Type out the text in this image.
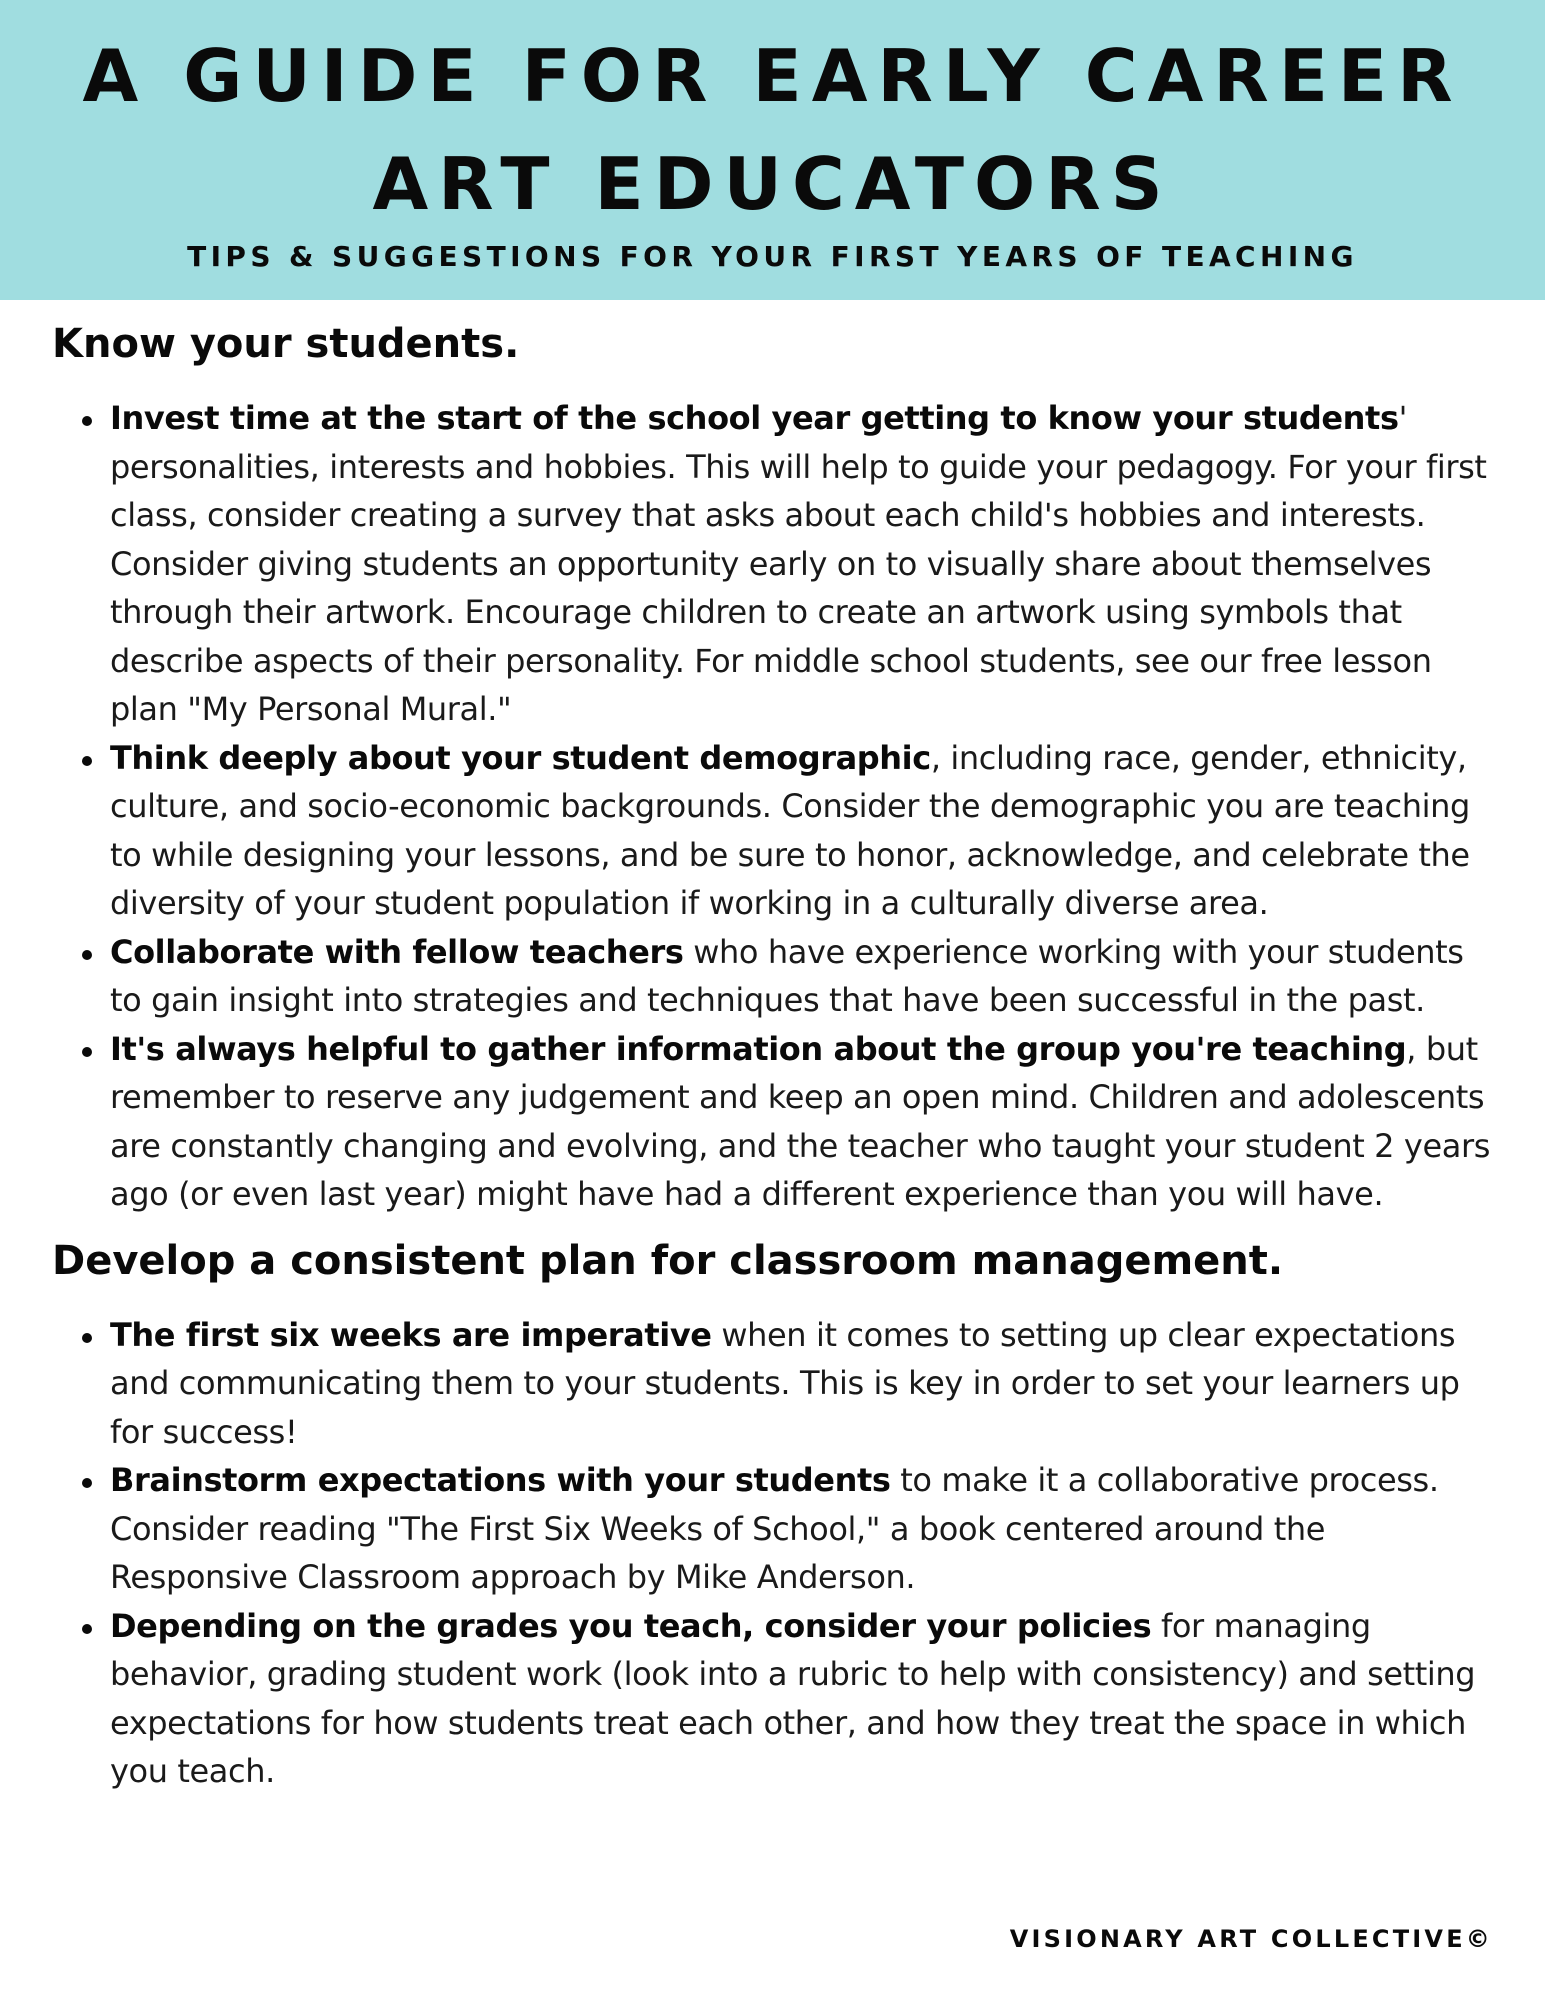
A GUIDE FOR EARLY CAREER
ART EDUCATORS
TIPS & SUGGESTIONS FOR YOUR FIRST YEARS OF TEACHING
Know your students.
Invest time at the start of the school year getting to know your students' personalities, interests and hobbies. This will help to guide your pedagogy. For your first class, consider creating a survey that asks about each child's hobbies and interests. Consider giving students an opportunity early on to visually share about themselves through their artwork. Encourage children to create an artwork using symbols that describe aspects of their personality. For middle school students, see our free lesson plan "My Personal Mural."
Think deeply about your student demographic, including race, gender, ethnicity, culture, and socio-economic backgrounds. Consider the demographic you are teaching to while designing your lessons, and be sure to honor, acknowledge, and celebrate the diversity of your student population if working in a culturally diverse area.
Collaborate with fellow teachers who have experience working with your students to gain insight into strategies and techniques that have been successful in the past.
It's always helpful to gather information about the group you're teaching, but remember to reserve any judgement and keep an open mind. Children and adolescents are constantly changing and evolving, and the teacher who taught your student 2 years ago (or even last year) might have had a different experience than you will have.
Develop a consistent plan for classroom management.
The first six weeks are imperative when it comes to setting up clear expectations and communicating them to your students. This is key in order to set your learners up for success!
Brainstorm expectations with your students to make it a collaborative process. Consider reading "The First Six Weeks of School," a book centered around the Responsive Classroom approach by Mike Anderson.
Depending on the grades you teach, consider your policies for managing behavior, grading student work (look into a rubric to help with consistency) and setting expectations for how students treat each other, and how they treat the space in which you teach.
VISIONARY ART COLLECTIVE©
